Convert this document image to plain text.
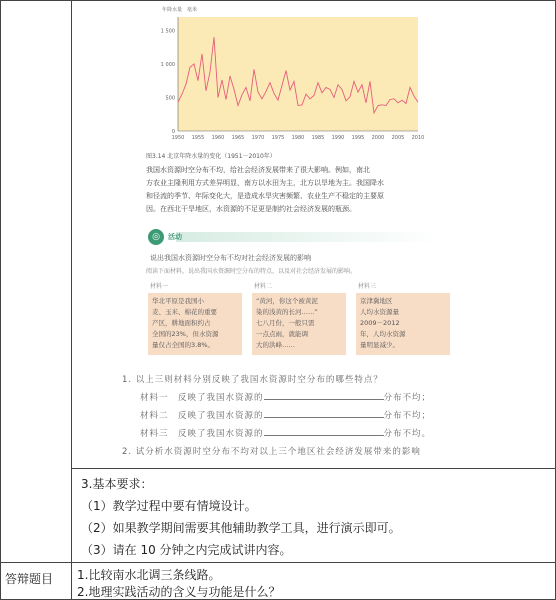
年降水量　毫米
0
500
1 000
1 500
1950 1955 1960 1965 1970 1975 1980 1985 1990 1995 2000 2005 2010
图3.14 北京年降水量的变化（1951－2010年）
我国水资源时空分布不均，给社会经济发展带来了很大影响。例如，南北
方农业主隆利用方式差异明显，南方以水田为主，北方以旱地为主。我国降水
和径流的季节、年际变化大，是造成水旱灾害频繁、农业生产不稳定的主要原
因。在西北干旱地区，水资源的不足更是制约社会经济发展的瓶颈。
◎	活动
说出我国水资源时空分布不均对社会经济发展的影响
阅读下面材料，说出我国水资源时空分布的特点，以及对社会经济发展的影响。
材料一	材料二	材料三
华北平原是我国小
麦、玉米、棉花的重要
产区，耕地面积约占
全国的23%，但水资源
量仅占全国的3.8%。
“黄河，你这个被黄泥
染的浅黄的长河……”
七八月份，一般只需
一点点雨，就能调
大的洪峰……
京津冀地区
人均水资源量
2009－2012
年，人均水资源
量明显减少。
1. 以上三则材料分别反映了我国水资源时空分布的哪些特点？
材料一　反映了我国水资源的	分布不均；
材料二　反映了我国水资源的	分布不均；
材料三　反映了我国水资源的	分布不均。
2. 试分析水资源时空分布不均对以上三个地区社会经济发展带来的影响
3.基本要求：
（1）教学过程中要有情境设计。
（2）如果教学期间需要其他辅助教学工具，进行演示即可。
（3）请在 10 分钟之内完成试讲内容。
答辩题目 1.比较南水北调三条线路。
2.地理实践活动的含义与功能是什么？
